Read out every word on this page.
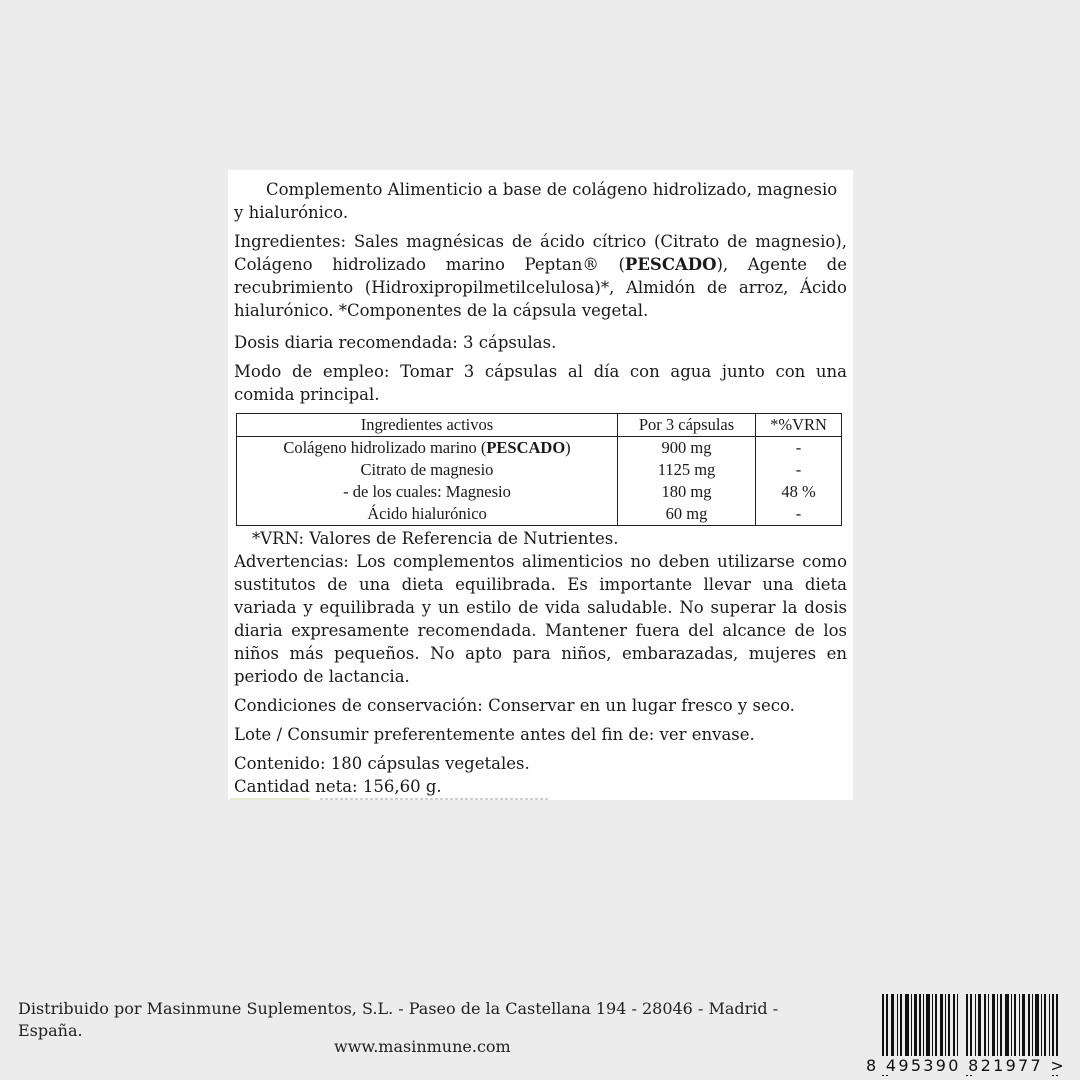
Complemento Alimenticio a base de colágeno hidrolizado, magnesio y hialurónico.

Ingredientes: Sales magnésicas de ácido cítrico (Citrato de magnesio), Colágeno hidrolizado marino Peptan® (PESCADO), Agente de recubrimiento (Hidroxipropilmetilcelulosa)*, Almidón de arroz, Ácido hialurónico. *Componentes de la cápsula vegetal.

Dosis diaria recomendada: 3 cápsulas.

Modo de empleo: Tomar 3 cápsulas al día con agua junto con una comida principal.

Ingredientes activos	Por 3 cápsulas	*%VRN
Colágeno hidrolizado marino (PESCADO)	900 mg	-
Citrato de magnesio	1125 mg	-
- de los cuales: Magnesio	180 mg	48 %
Ácido hialurónico	60 mg	-

*VRN: Valores de Referencia de Nutrientes.

Advertencias: Los complementos alimenticios no deben utilizarse como sustitutos de una dieta equilibrada. Es importante llevar una dieta variada y equilibrada y un estilo de vida saludable. No superar la dosis diaria expresamente recomendada. Mantener fuera del alcance de los niños más pequeños. No apto para niños, embarazadas, mujeres en periodo de lactancia.

Condiciones de conservación: Conservar en un lugar fresco y seco.

Lote / Consumir preferentemente antes del fin de: ver envase.

Contenido: 180 cápsulas vegetales.

Cantidad neta: 156,60 g.

Distribuido por Masinmune Suplementos, S.L. - Paseo de la Castellana 194 - 28046 - Madrid - España.
www.masinmune.com
8 495390 821977 >
